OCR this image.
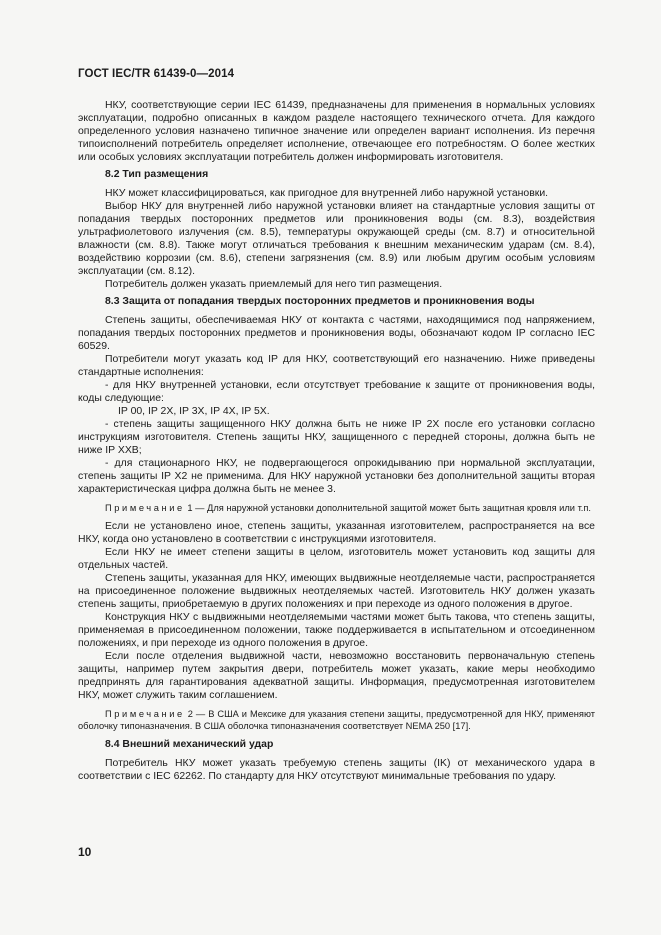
ГОСТ IEC/TR 61439-0—2014

НКУ, соответствующие серии IEC 61439, предназначены для применения в нормальных условиях эксплуатации, подробно описанных в каждом разделе настоящего технического отчета. Для каждого определенного условия назначено типичное значение или определен вариант исполнения. Из перечня типоисполнений потребитель определяет исполнение, отвечающее его потребностям. О более жестких или особых условиях эксплуатации потребитель должен информировать изготовителя.

8.2 Тип размещения

НКУ может классифицироваться, как пригодное для внутренней либо наружной установки.

Выбор НКУ для внутренней либо наружной установки влияет на стандартные условия защиты от попадания твердых посторонних предметов или проникновения воды (см. 8.3), воздействия ультрафиолетового излучения (см. 8.5), температуры окружающей среды (см. 8.7) и относительной влажности (см. 8.8). Также могут отличаться требования к внешним механическим ударам (см. 8.4), воздействию коррозии (см. 8.6), степени загрязнения (см. 8.9) или любым другим особым условиям эксплуатации (см. 8.12).

Потребитель должен указать приемлемый для него тип размещения.

8.3 Защита от попадания твердых посторонних предметов и проникновения воды

Степень защиты, обеспечиваемая НКУ от контакта с частями, находящимися под напряжением, попадания твердых посторонних предметов и проникновения воды, обозначают кодом IP согласно IEC 60529.

Потребители могут указать код IP для НКУ, соответствующий его назначению. Ниже приведены стандартные исполнения:

- для НКУ внутренней установки, если отсутствует требование к защите от проникновения воды, коды следующие:

IP 00, IP 2X, IP 3X, IP 4X, IP 5X.

- степень защиты защищенного НКУ должна быть не ниже IP 2X после его установки согласно инструкциям изготовителя. Степень защиты НКУ, защищенного с передней стороны, должна быть не ниже IP XXB;

- для стационарного НКУ, не подвергающегося опрокидыванию при нормальной эксплуатации, степень защиты IP X2 не применима. Для НКУ наружной установки без дополнительной защиты вторая характеристическая цифра должна быть не менее 3.

Примечание 1 — Для наружной установки дополнительной защитой может быть защитная кровля или т.п.

Если не установлено иное, степень защиты, указанная изготовителем, распространяется на все НКУ, когда оно установлено в соответствии с инструкциями изготовителя.

Если НКУ не имеет степени защиты в целом, изготовитель может установить код защиты для отдельных частей.

Степень защиты, указанная для НКУ, имеющих выдвижные неотделяемые части, распространяется на присоединенное положение выдвижных неотделяемых частей. Изготовитель НКУ должен указать степень защиты, приобретаемую в других положениях и при переходе из одного положения в другое.

Конструкция НКУ с выдвижными неотделяемыми частями может быть такова, что степень защиты, применяемая в присоединенном положении, также поддерживается в испытательном и отсоединенном положениях, и при переходе из одного положения в другое.

Если после отделения выдвижной части, невозможно восстановить первоначальную степень защиты, например путем закрытия двери, потребитель может указать, какие меры необходимо предпринять для гарантирования адекватной защиты. Информация, предусмотренная изготовителем НКУ, может служить таким соглашением.

Примечание 2 — В США и Мексике для указания степени защиты, предусмотренной для НКУ, применяют оболочку типоназначения. В США оболочка типоназначения соответствует NEMA 250 [17].
8.4 Внешний механический удар

Потребитель НКУ может указать требуемую степень защиты (IK) от механического удара в соответствии с IEC 62262. По стандарту для НКУ отсутствуют минимальные требования по удару.

10
